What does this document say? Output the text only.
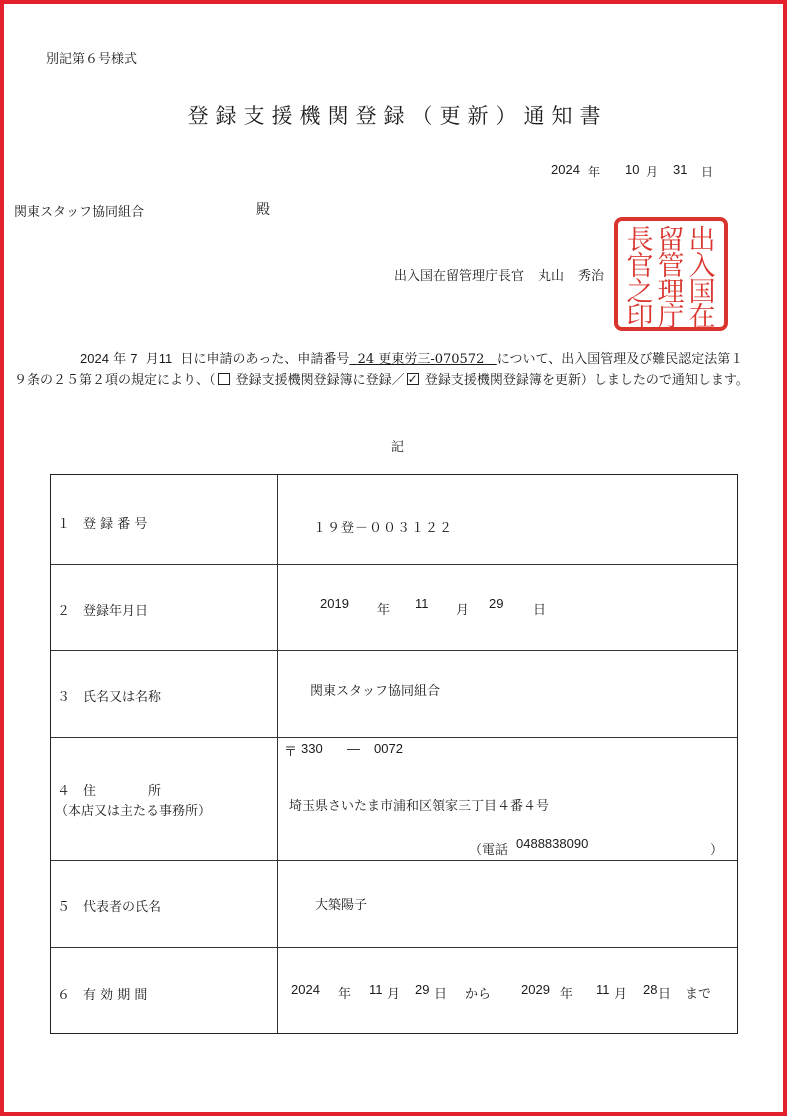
別記第６号様式
登録支援機関登録（更新）通知書
2024 年 10 月 31 日
関東スタッフ協同組合	殿
出入国在留管理庁長官 丸山 秀治
出
入
国
在
留
管
理
庁
長
官
之
印
2024 年 7 月11 日に申請のあった、申請番号 24 更東労三-070572 について、出入国管理及び難民認定法第１９条の２５第２項の規定により、（ 登録支援機関登録簿に登録／✓ 登録支援機関登録簿を更新）しましたので通知します。
記
１　登 録 番 号	１９登－００３１２２
２　登録年月日
2019 年 11 月 29 日
３　氏名又は名称	関東スタッフ協同組合
４　住　　　　所
（本店又は主たる事務所）
〒 330 — 0072
埼玉県さいたま市浦和区領家三丁目４番４号
（電話 0488838090	）
５　代表者の氏名	大築陽子
６　有 効 期 間	2024 年 11 月 29 日 から 2029 年 11 月 28 日 まで
